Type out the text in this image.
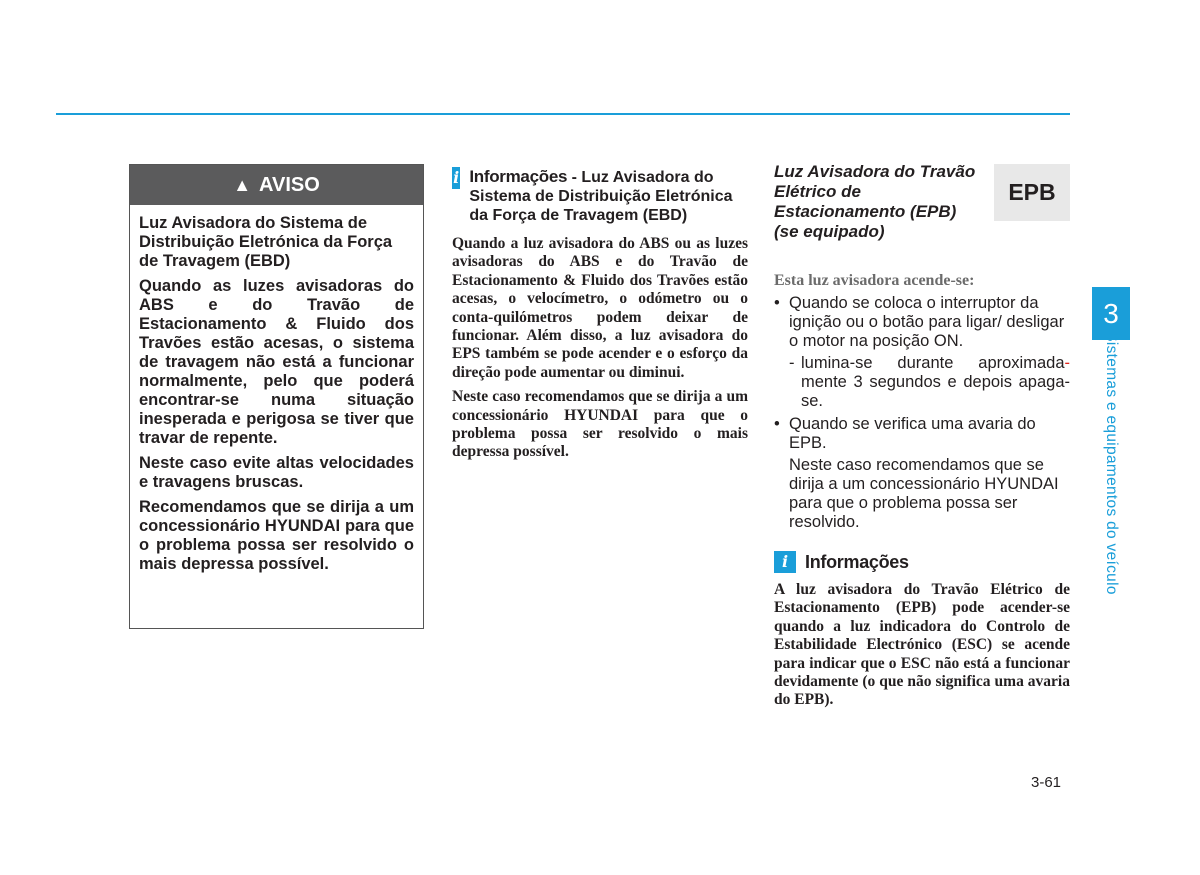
▲ AVISO

Luz Avisadora do Sistema de Distribuição Eletrónica da Força de Travagem (EBD)

Quando as luzes avisadoras do ABS e do Travão de Estacionamento & Fluido dos Travões estão acesas, o sistema de travagem não está a funcionar normalmente, pelo que poderá encontrar-se numa situação inesperada e perigosa se tiver que travar de repente.

Neste caso evite altas velocidades e travagens bruscas.

Recomendamos que se dirija a um concessionário HYUNDAI para que o problema possa ser resolvido o mais depressa possível.

i Informações - Luz Avisadora do Sistema de Distribuição Eletrónica da Força de Travagem (EBD)

Quando a luz avisadora do ABS ou as luzes avisadoras do ABS e do Travão de Estacionamento & Fluido dos Travões estão acesas, o velocímetro, o odómetro ou o conta-quilómetros podem deixar de funcionar. Além disso, a luz avisadora do EPS também se pode acender e o esforço da direção pode aumentar ou diminui.

Neste caso recomendamos que se dirija a um concessionário HYUNDAI para que o problema possa ser resolvido o mais depressa possível.

Luz Avisadora do Travão Elétrico de Estacionamento (EPB) (se equipado)
EPB
Esta luz avisadora acende-se:
• Quando se coloca o interruptor da ignição ou o botão para ligar/ desligar o motor na posição ON.
- lumina-se durante aproximada- mente 3 segundos e depois apaga-se.
• Quando se verifica uma avaria do EPB.
Neste caso recomendamos que se dirija a um concessionário HYUNDAI para que o problema possa ser resolvido.
i Informações
A luz avisadora do Travão Elétrico de Estacionamento (EPB) pode acender-se quando a luz indicadora do Controlo de Estabilidade Electrónico (ESC) se acende para indicar que o ESC não está a funcionar devidamente (o que não significa uma avaria do EPB).
3
Sistemas e equipamentos do veículo
3-61
